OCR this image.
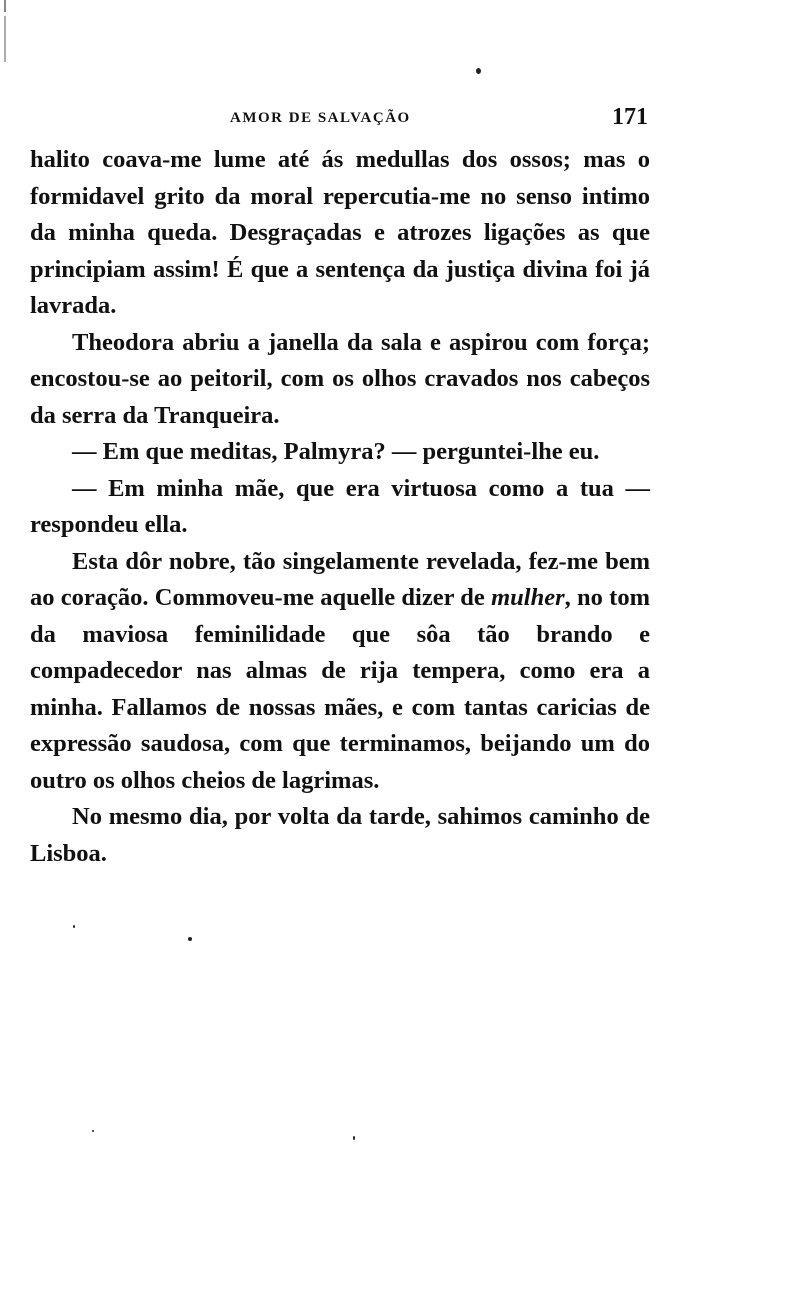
AMOR DE SALVAÇÃO	171

halito coava-me lume até ás medullas dos ossos; mas o formidavel grito da moral repercutia-me no senso intimo da minha queda. Desgraçadas e atrozes ligações as que principiam assim! É que a sentença da justiça divina foi já lavrada.

Theodora abriu a janella da sala e aspirou com força; encostou-se ao peitoril, com os olhos cravados nos cabeços da serra da Tranqueira.

— Em que meditas, Palmyra? — perguntei-lhe eu.

— Em minha mãe, que era virtuosa como a tua — respondeu ella.

Esta dôr nobre, tão singelamente revelada, fez-me bem ao coração. Commoveu-me aquelle dizer de mulher, no tom da maviosa feminilidade que sôa tão brando e compadecedor nas almas de rija tempera, como era a minha. Fallamos de nossas mães, e com tantas caricias de expressão saudosa, com que terminamos, beijando um do outro os olhos cheios de lagrimas.

No mesmo dia, por volta da tarde, sahimos caminho de Lisboa.
